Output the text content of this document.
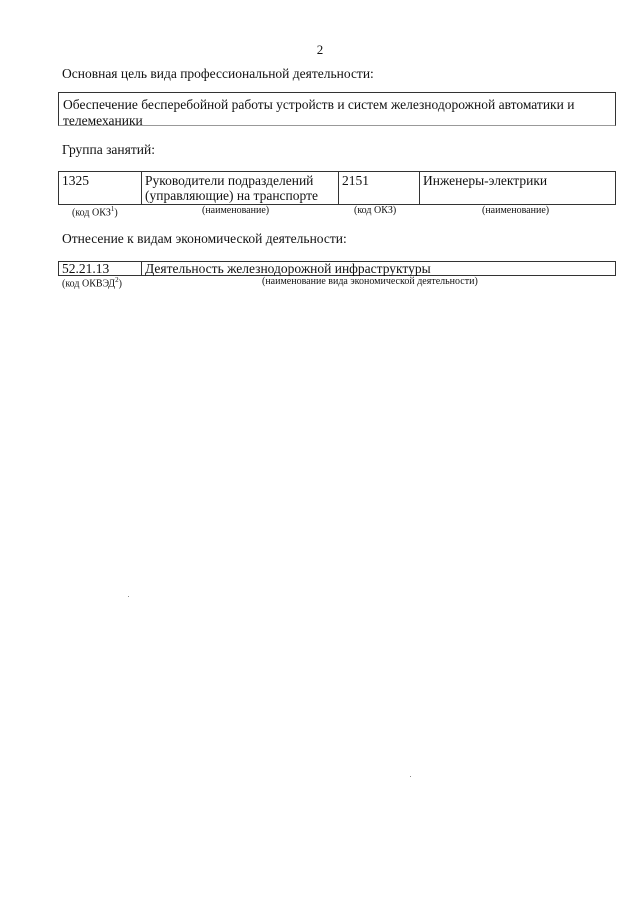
2
Основная цель вида профессиональной деятельности:
Обеспечение бесперебойной работы устройств и систем железнодорожной автоматики и телемеханики
Группа занятий:
1325	Руководители подразделений (управляющие) на транспорте	2151	Инженеры-электрики
(код ОКЗ$^1$)	(наименование)	(код ОКЗ)	(наименование)
Отнесение к видам экономической деятельности:
52.21.13	Деятельность железнодорожной инфраструктуры
(код ОКВЭД$^2$)	(наименование вида экономической деятельности)
